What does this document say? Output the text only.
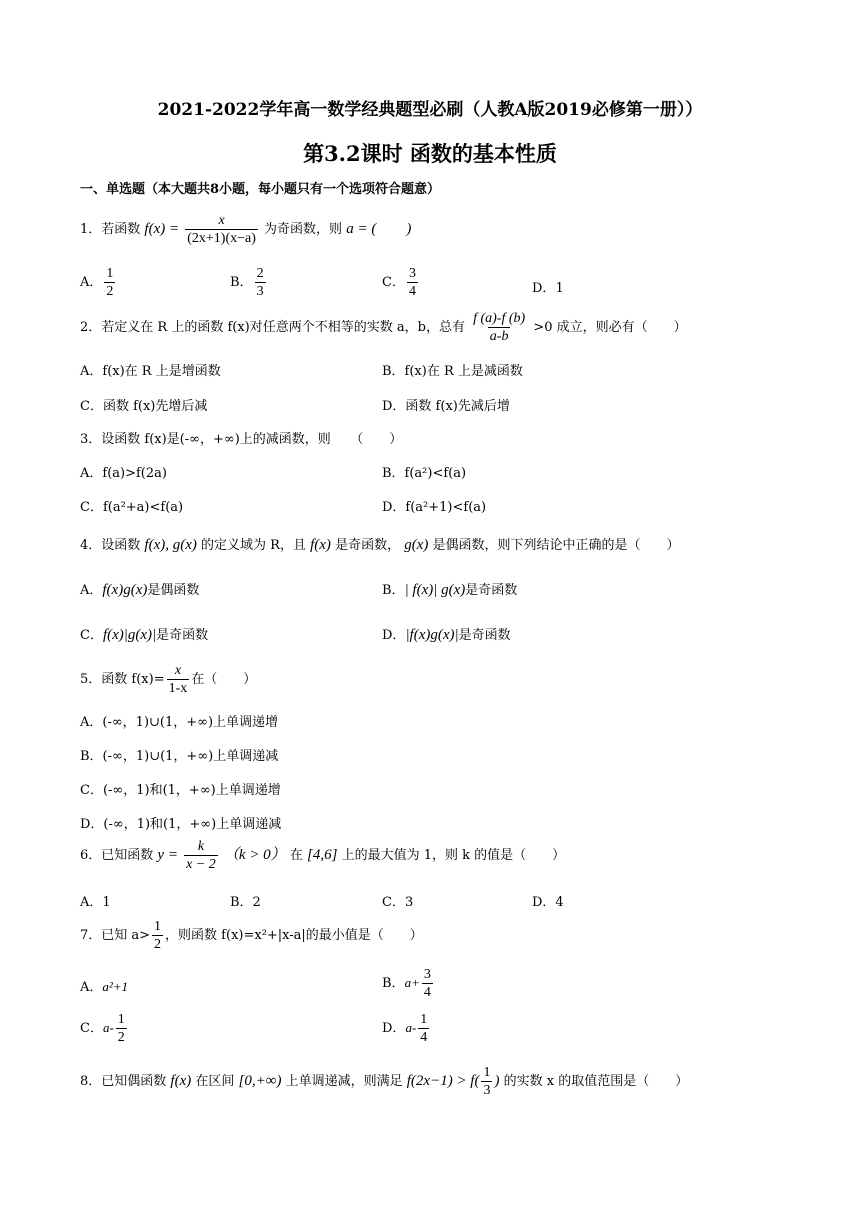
2021-2022学年高一数学经典题型必刷（人教A版2019必修第一册））
第3.2课时 函数的基本性质
一、单选题（本大题共8小题，每小题只有一个选项符合题意）
1．若函数 $f(x) = \frac{x}{(2x+1)(x-a)}$ 为奇函数，则 a = (　　)
A． $\frac{1}{2}$	B． $\frac{2}{3}$	C． $\frac{3}{4}$	D．1
2．若定义在 R 上的函数 f(x)对任意两个不相等的实数 a，b，总有 $\frac{f (a)-f (b)}{a-b} >0$ 成立，则必有（　　）
A．f(x)在 R 上是增函数	B．f(x)在 R 上是减函数
C．函数 f(x)先增后减	D．函数 f(x)先减后增
3．设函数 f(x)是(-∞，+∞)上的减函数，则　　（　　）
A．f(a)>f(2a)	B．f(a²)<f(a)
C．f(a²+a)<f(a)	D．f(a²+1)<f(a)
4．设函数 f(x), g(x) 的定义域为 R，且 f(x) 是奇函数， g(x) 是偶函数，则下列结论中正确的是（　　）
A．f(x)g(x)是偶函数	B．| f(x)| g(x)是奇函数
C．f(x)|g(x)|是奇函数	D．|f(x)g(x)|是奇函数
5．函数 $f(x)= \frac{x}{1-x}$ 在（　　）
A．(-∞，1)∪(1，+∞)上单调递增
B．(-∞，1)∪(1，+∞)上单调递减
C．(-∞，1)和(1，+∞)上单调递增
D．(-∞，1)和(1，+∞)上单调递减
6．已知函数 $y = \frac{k}{x - 2} (k > 0)$ 在 [4,6] 上的最大值为 1，则 k 的值是（　　）
A．1	B．2	C．3	D．4
7．已知 $a> \frac{1}{2}$ ，则函数 f(x)=x²+|x-a|的最小值是（　　）
A．a²+1	B．$a+ \frac{3}{4}$
C．$a- \frac{1}{2}$	D．$a- \frac{1}{4}$
8．已知偶函数 f(x) 在区间 [0,+∞) 上单调递减，则满足 $f(2x-1) > f( \frac{1}{3}$ ) 的实数 x 的取值范围是（　　）
